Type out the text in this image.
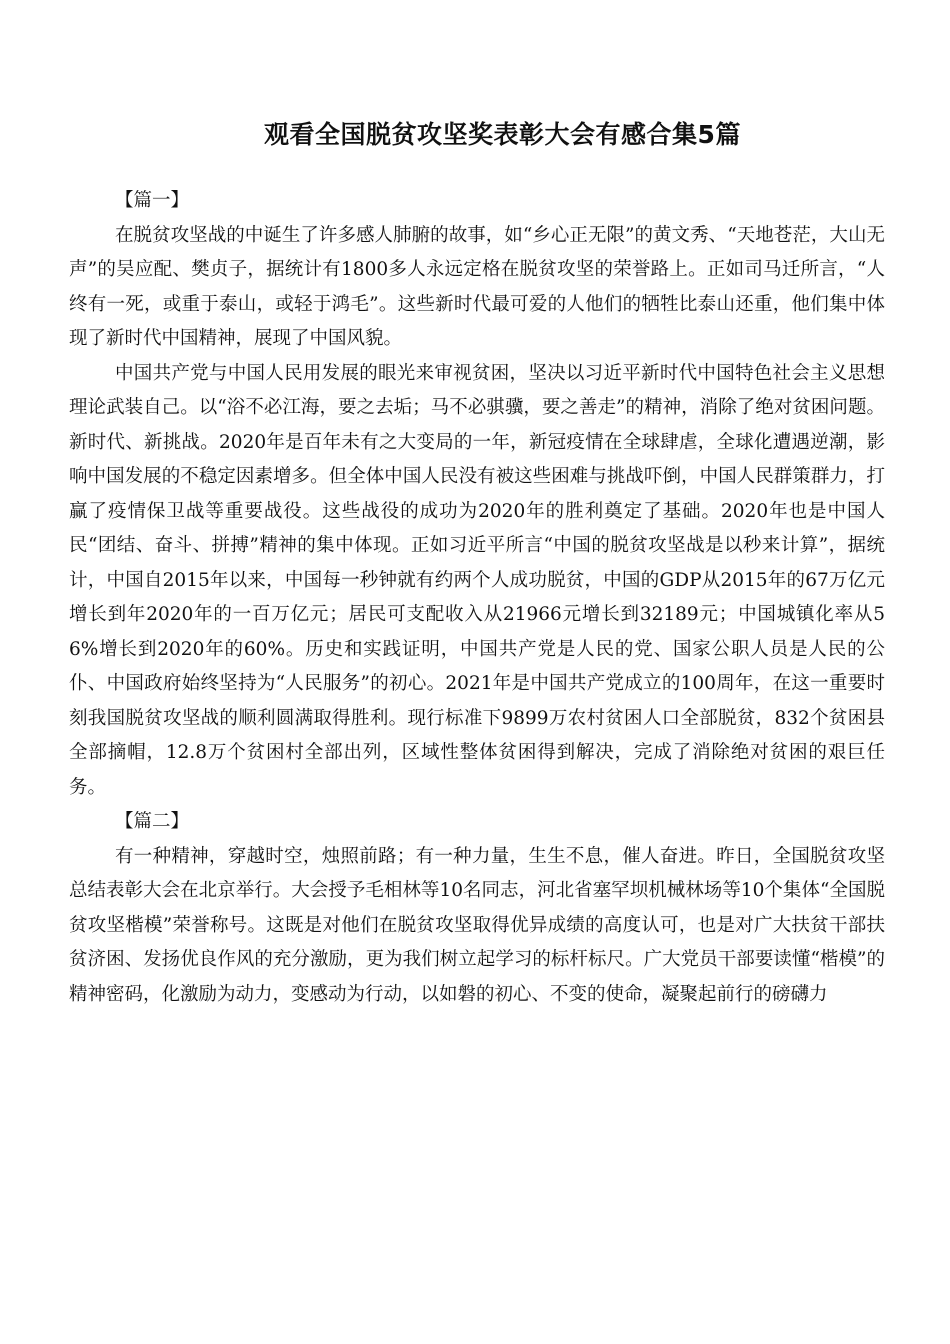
观看全国脱贫攻坚奖表彰大会有感合集5篇

【篇一】

在脱贫攻坚战的中诞生了许多感人肺腑的故事，如“乡心正无限”的黄文秀、“天地苍茫，大山无声”的吴应配、樊贞子，据统计有1800多人永远定格在脱贫攻坚的荣誉路上。正如司马迁所言，“人终有一死，或重于泰山，或轻于鸿毛”。这些新时代最可爱的人他们的牺牲比泰山还重，他们集中体现了新时代中国精神，展现了中国风貌。

中国共产党与中国人民用发展的眼光来审视贫困，坚决以习近平新时代中国特色社会主义思想理论武装自己。以“浴不必江海，要之去垢；马不必骐骥，要之善走”的精神，消除了绝对贫困问题。新时代、新挑战。2020年是百年未有之大变局的一年，新冠疫情在全球肆虐，全球化遭遇逆潮，影响中国发展的不稳定因素增多。但全体中国人民没有被这些困难与挑战吓倒，中国人民群策群力，打赢了疫情保卫战等重要战役。这些战役的成功为2020年的胜利奠定了基础。2020年也是中国人民“团结、奋斗、拼搏”精神的集中体现。正如习近平所言“中国的脱贫攻坚战是以秒来计算”，据统计，中国自2015年以来，中国每一秒钟就有约两个人成功脱贫，中国的GDP从2015年的67万亿元增长到年2020年的一百万亿元；居民可支配收入从21966元增长到32189元；中国城镇化率从56%增长到2020年的60%。历史和实践证明，中国共产党是人民的党、国家公职人员是人民的公仆、中国政府始终坚持为“人民服务”的初心。2021年是中国共产党成立的100周年，在这一重要时刻我国脱贫攻坚战的顺利圆满取得胜利。现行标准下9899万农村贫困人口全部脱贫，832个贫困县全部摘帽，12.8万个贫困村全部出列，区域性整体贫困得到解决，完成了消除绝对贫困的艰巨任务。

【篇二】

有一种精神，穿越时空，烛照前路；有一种力量，生生不息，催人奋进。昨日，全国脱贫攻坚总结表彰大会在北京举行。大会授予毛相林等10名同志，河北省塞罕坝机械林场等10个集体“全国脱贫攻坚楷模”荣誉称号。这既是对他们在脱贫攻坚取得优异成绩的高度认可，也是对广大扶贫干部扶贫济困、发扬优良作风的充分激励，更为我们树立起学习的标杆标尺。广大党员干部要读懂“楷模”的精神密码，化激励为动力，变感动为行动，以如磐的初心、不变的使命，凝聚起前行的磅礴力
